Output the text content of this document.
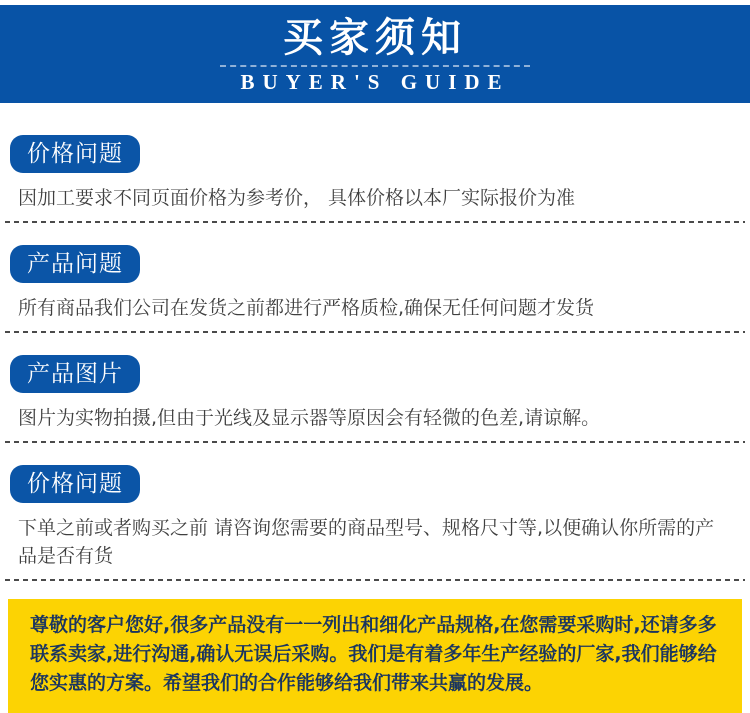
买家须知
BUYER'S GUIDE
价格问题
因加工要求不同页面价格为参考价， 具体价格以本厂实际报价为准
产品问题
所有商品我们公司在发货之前都进行严格质检,确保无任何问题才发货
产品图片
图片为实物拍摄,但由于光线及显示器等原因会有轻微的色差,请谅解。
价格问题
下单之前或者购买之前 请咨询您需要的商品型号、规格尺寸等,以便确认你所需的产品是否有货
尊敬的客户您好,很多产品没有一一列出和细化产品规格,在您需要采购时,还请多多联系卖家,进行沟通,确认无误后采购。我们是有着多年生产经验的厂家,我们能够给您实惠的方案。希望我们的合作能够给我们带来共赢的发展。
